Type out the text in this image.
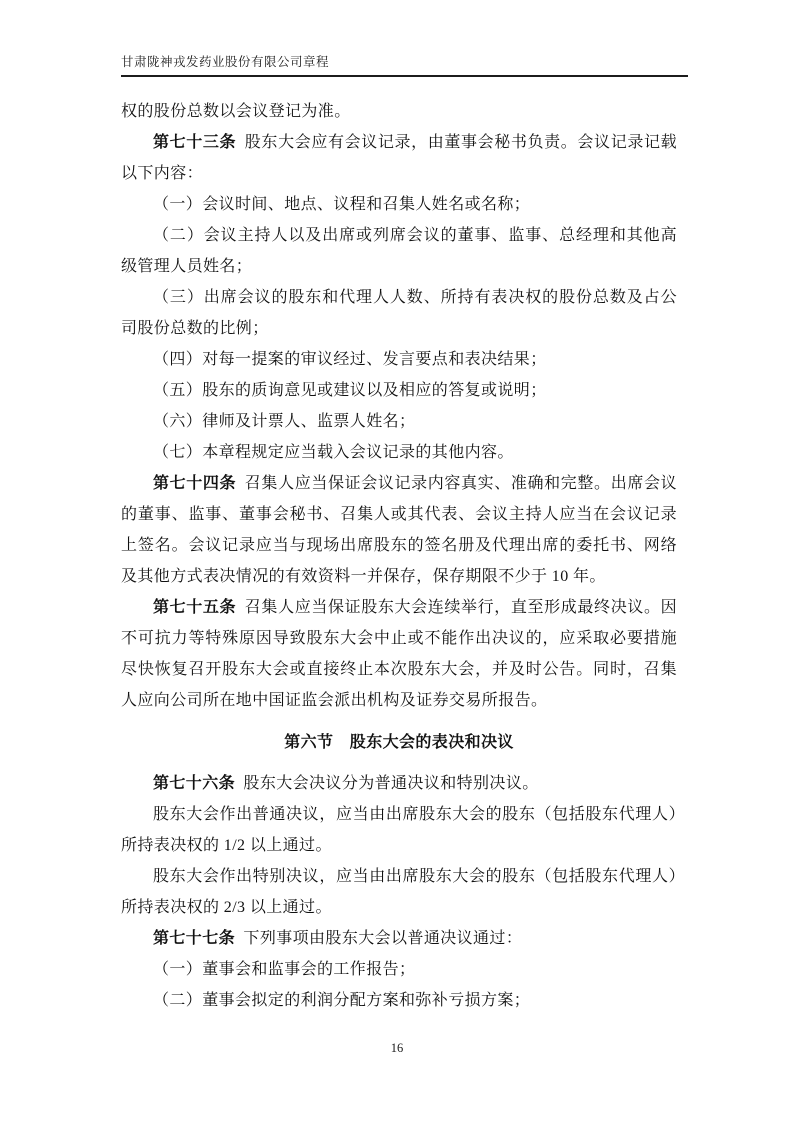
甘肃陇神戎发药业股份有限公司章程

权的股份总数以会议登记为准。

第七十三条 股东大会应有会议记录，由董事会秘书负责。会议记录记载以下内容：

（一）会议时间、地点、议程和召集人姓名或名称；

（二）会议主持人以及出席或列席会议的董事、监事、总经理和其他高级管理人员姓名；

（三）出席会议的股东和代理人人数、所持有表决权的股份总数及占公司股份总数的比例；

（四）对每一提案的审议经过、发言要点和表决结果；

（五）股东的质询意见或建议以及相应的答复或说明；

（六）律师及计票人、监票人姓名；

（七）本章程规定应当载入会议记录的其他内容。

第七十四条 召集人应当保证会议记录内容真实、准确和完整。出席会议的董事、监事、董事会秘书、召集人或其代表、会议主持人应当在会议记录上签名。会议记录应当与现场出席股东的签名册及代理出席的委托书、网络及其他方式表决情况的有效资料一并保存，保存期限不少于 10 年。

第七十五条 召集人应当保证股东大会连续举行，直至形成最终决议。因不可抗力等特殊原因导致股东大会中止或不能作出决议的，应采取必要措施尽快恢复召开股东大会或直接终止本次股东大会，并及时公告。同时，召集人应向公司所在地中国证监会派出机构及证券交易所报告。

第六节　股东大会的表决和决议

第七十六条 股东大会决议分为普通决议和特别决议。

股东大会作出普通决议，应当由出席股东大会的股东（包括股东代理人）所持表决权的 1/2 以上通过。

股东大会作出特别决议，应当由出席股东大会的股东（包括股东代理人）所持表决权的 2/3 以上通过。

第七十七条 下列事项由股东大会以普通决议通过：

（一）董事会和监事会的工作报告；

（二）董事会拟定的利润分配方案和弥补亏损方案；

16
